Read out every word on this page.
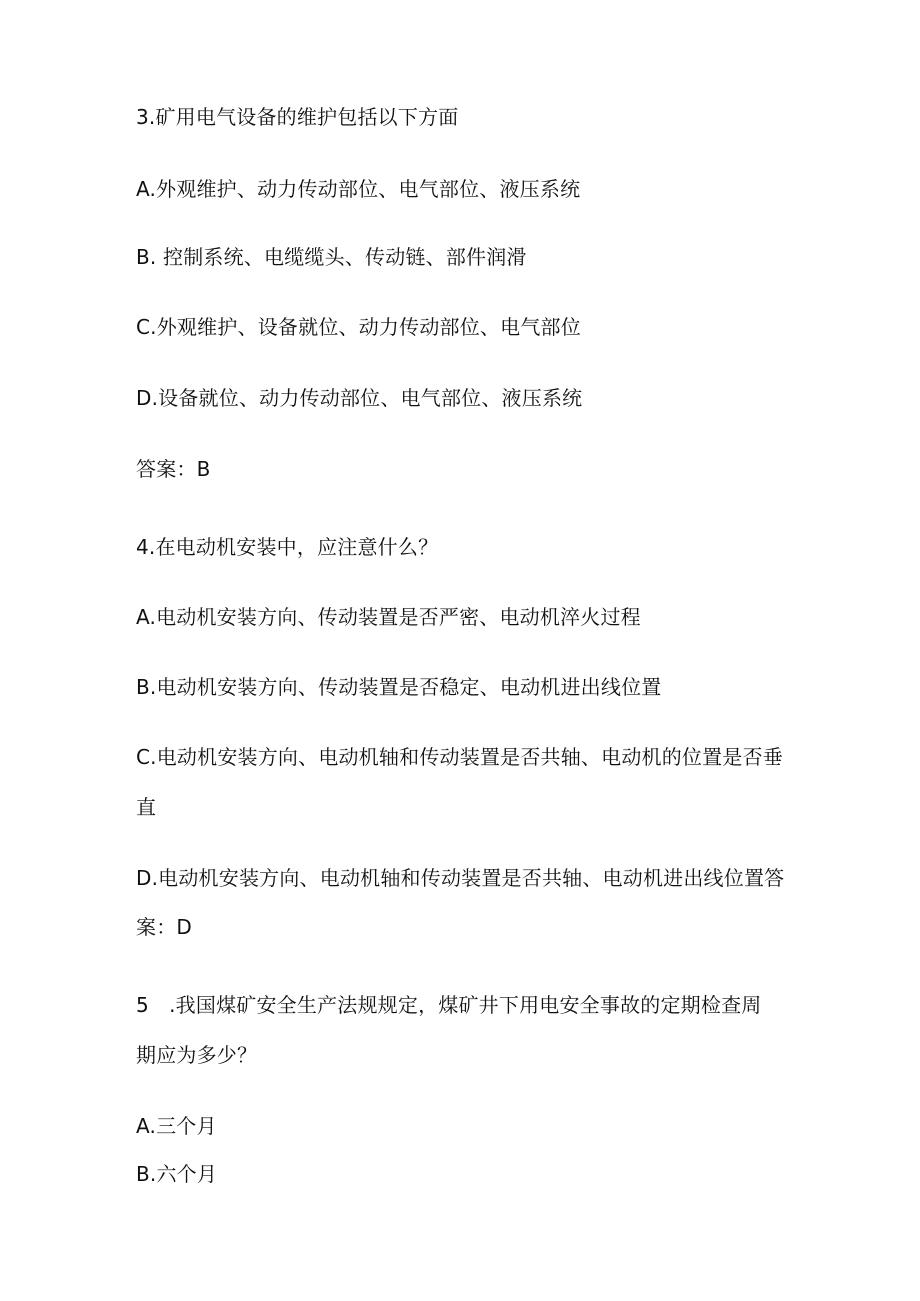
3.矿用电气设备的维护包括以下方面
A.外观维护、动力传动部位、电气部位、液压系统
B. 控制系统、电缆缆头、传动链、部件润滑
C.外观维护、设备就位、动力传动部位、电气部位
D.设备就位、动力传动部位、电气部位、液压系统
答案：B
4.在电动机安装中，应注意什么？
A.电动机安装方向、传动装置是否严密、电动机淬火过程
B.电动机安装方向、传动装置是否稳定、电动机进出线位置
C.电动机安装方向、电动机轴和传动装置是否共轴、电动机的位置是否垂
直
D.电动机安装方向、电动机轴和传动装置是否共轴、电动机进出线位置答
案：D
5　.我国煤矿安全生产法规规定，煤矿井下用电安全事故的定期检查周
期应为多少？
A.三个月
B.六个月
